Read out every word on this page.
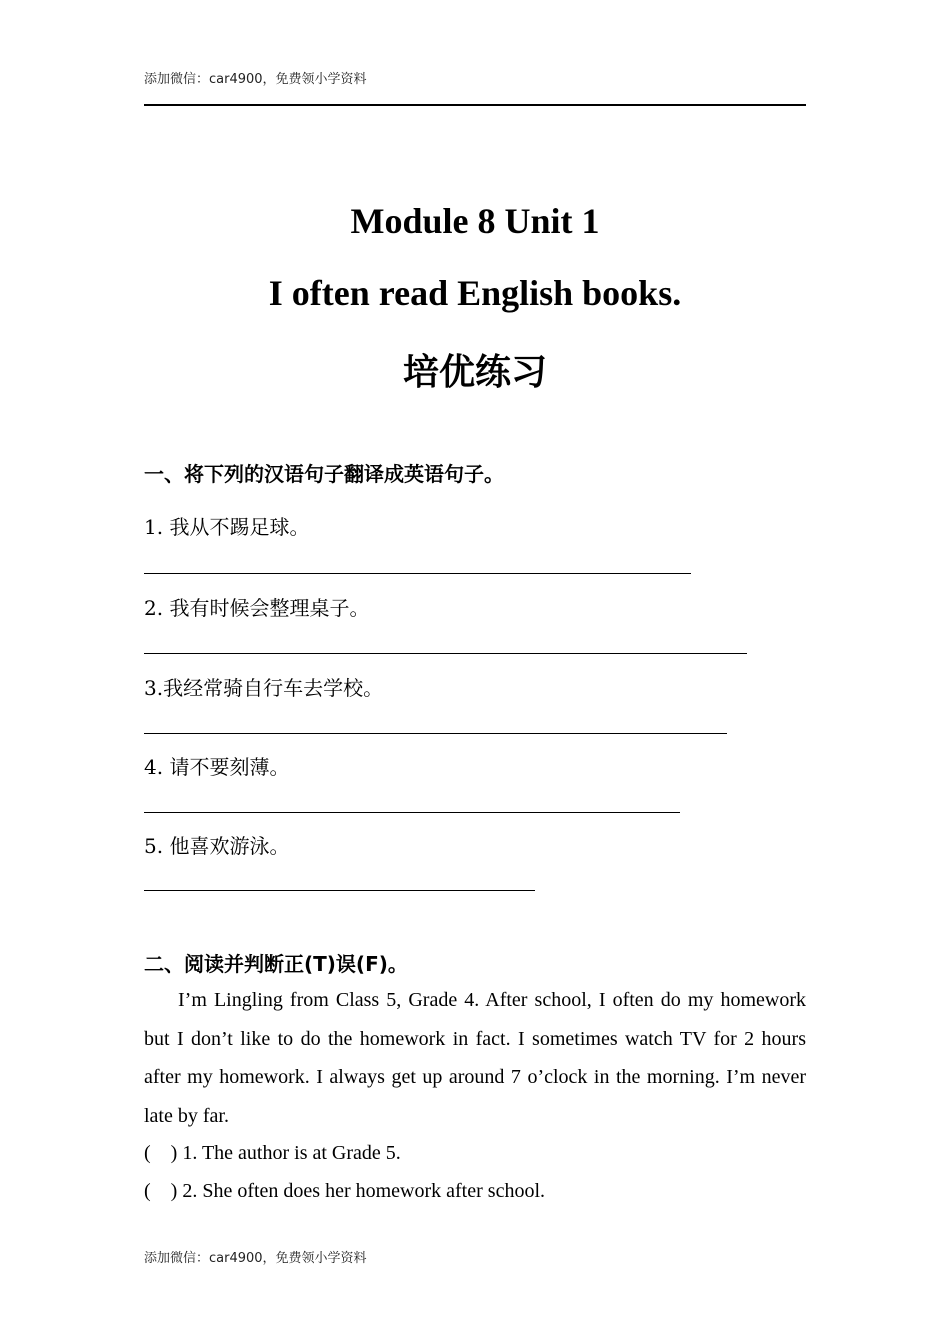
添加微信：car4900，免费领小学资料
Module 8 Unit 1
I often read English books.
培优练习
一、将下列的汉语句子翻译成英语句子。
1. 我从不踢足球。
2. 我有时候会整理桌子。
3.我经常骑自行车去学校。
4. 请不要刻薄。
5. 他喜欢游泳。
二、阅读并判断正(T)误(F)。
I’m Lingling from Class 5, Grade 4. After school, I often do my homework but I don’t like to do the homework in fact. I sometimes watch TV for 2 hours after my homework. I always get up around 7 o’clock in the morning. I’m never late by far.
(    ) 1. The author is at Grade 5.
(    ) 2. She often does her homework after school.
添加微信：car4900，免费领小学资料
